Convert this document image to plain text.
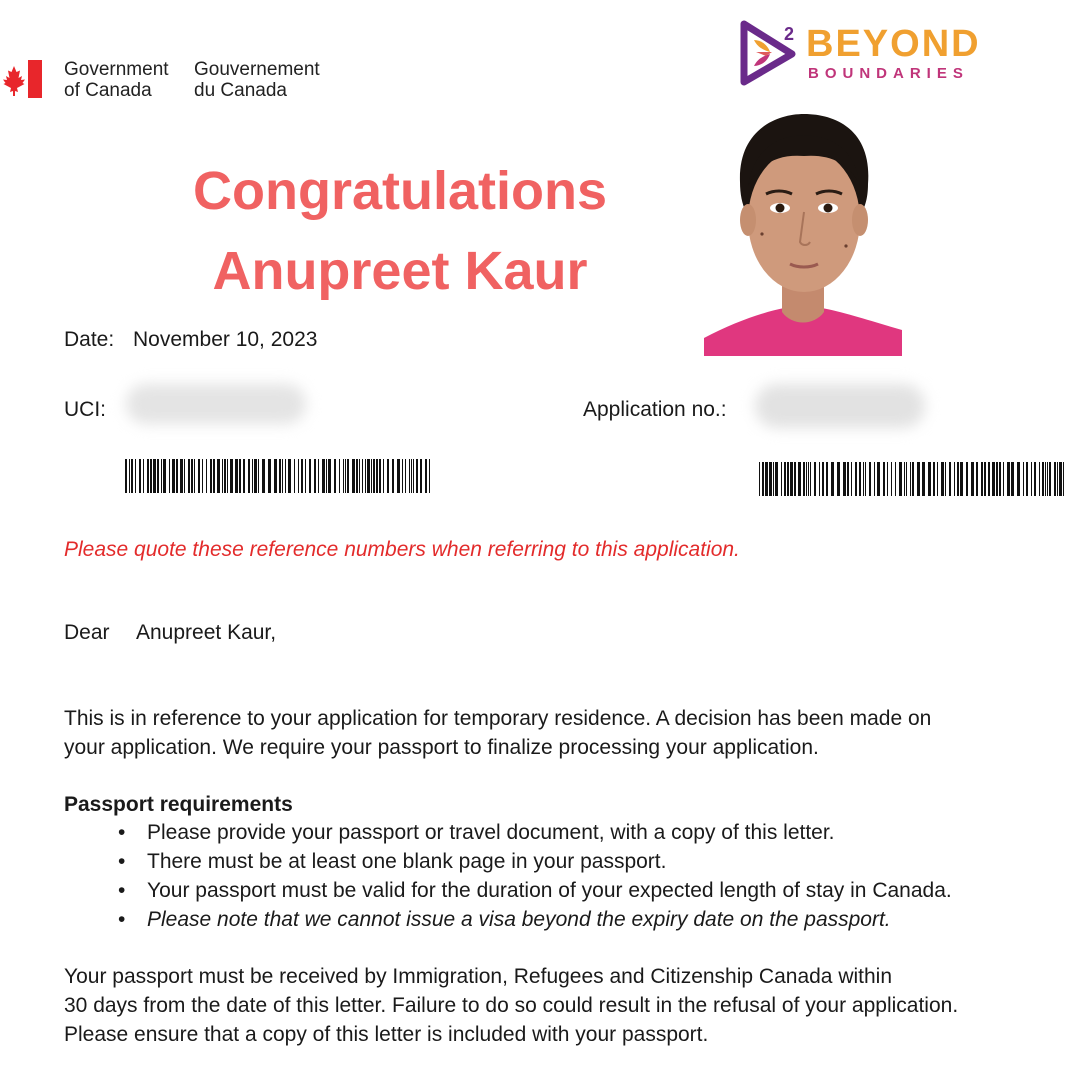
Government
of Canada
Gouvernement
du Canada
2 BEYOND
BOUNDARIES
Congratulations
Anupreet Kaur
Date: November 10, 2023
UCI:	Application no.:
Please quote these reference numbers when referring to this application.
Dear Anupreet Kaur,
This is in reference to your application for temporary residence. A decision has been made on
your application. We require your passport to finalize processing your application.
Passport requirements
• Please provide your passport or travel document, with a copy of this letter.
• There must be at least one blank page in your passport.
• Your passport must be valid for the duration of your expected length of stay in Canada.
• Please note that we cannot issue a visa beyond the expiry date on the passport.
Your passport must be received by Immigration, Refugees and Citizenship Canada within
30 days from the date of this letter. Failure to do so could result in the refusal of your application.
Please ensure that a copy of this letter is included with your passport.
